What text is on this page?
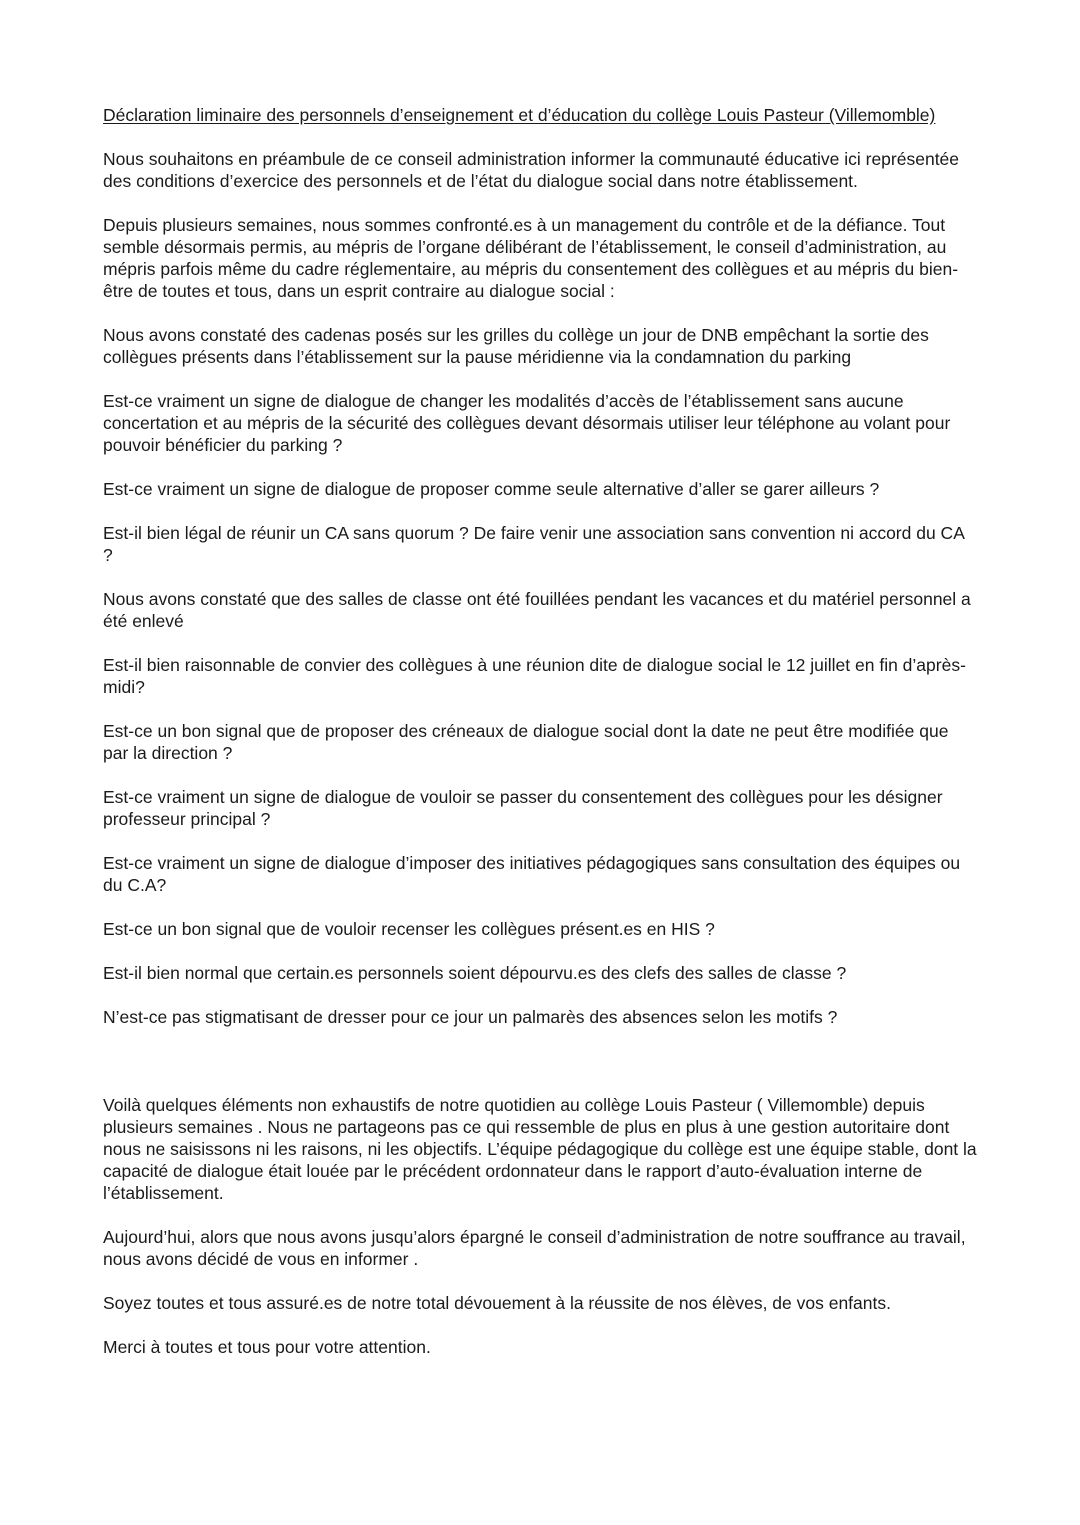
Déclaration liminaire des personnels d’enseignement et d’éducation du collège Louis Pasteur (Villemomble)

Nous souhaitons en préambule de ce conseil administration informer la communauté éducative ici représentée des conditions d’exercice des personnels et de l’état du dialogue social dans notre établissement.

Depuis plusieurs semaines, nous sommes confronté.es à un management du contrôle et de la défiance. Tout semble désormais permis, au mépris de l’organe délibérant de l’établissement, le conseil d’administration, au mépris parfois même du cadre réglementaire, au mépris du consentement des collègues et au mépris du bien-être de toutes et tous, dans un esprit contraire au dialogue social :

Nous avons constaté des cadenas posés sur les grilles du collège un jour de DNB empêchant la sortie des collègues présents dans l’établissement sur la pause méridienne via la condamnation du parking

Est-ce vraiment un signe de dialogue de changer les modalités d’accès de l’établissement sans aucune concertation et au mépris de la sécurité des collègues devant désormais utiliser leur téléphone au volant pour pouvoir bénéficier du parking ?

Est-ce vraiment un signe de dialogue de proposer comme seule alternative d’aller se garer ailleurs ?

Est-il bien légal de réunir un CA sans quorum ? De faire venir une association sans convention ni accord du CA ?

Nous avons constaté que des salles de classe ont été fouillées pendant les vacances et du matériel personnel a été enlevé

Est-il bien raisonnable de convier des collègues à une réunion dite de dialogue social le 12 juillet en fin d’après-midi?

Est-ce un bon signal que de proposer des créneaux de dialogue social dont la date ne peut être modifiée que par la direction ?

Est-ce vraiment un signe de dialogue de vouloir se passer du consentement des collègues pour les désigner professeur principal ?

Est-ce vraiment un signe de dialogue d’imposer des initiatives pédagogiques sans consultation des équipes ou du C.A?

Est-ce un bon signal que de vouloir recenser les collègues présent.es en HIS ?

Est-il bien normal que certain.es personnels soient dépourvu.es des clefs des salles de classe ?

N’est-ce pas stigmatisant de dresser pour ce jour un palmarès des absences selon les motifs ?

Voilà quelques éléments non exhaustifs de notre quotidien au collège Louis Pasteur ( Villemomble) depuis plusieurs semaines . Nous ne partageons pas ce qui ressemble de plus en plus à une gestion autoritaire dont nous ne saisissons ni les raisons, ni les objectifs. L’équipe pédagogique du collège est une équipe stable, dont la capacité de dialogue était louée par le précédent ordonnateur dans le rapport d’auto-évaluation interne de l’établissement.

Aujourd’hui, alors que nous avons jusqu’alors épargné le conseil d’administration de notre souffrance au travail, nous avons décidé de vous en informer .

Soyez toutes et tous assuré.es de notre total dévouement à la réussite de nos élèves, de vos enfants.

Merci à toutes et tous pour votre attention.
